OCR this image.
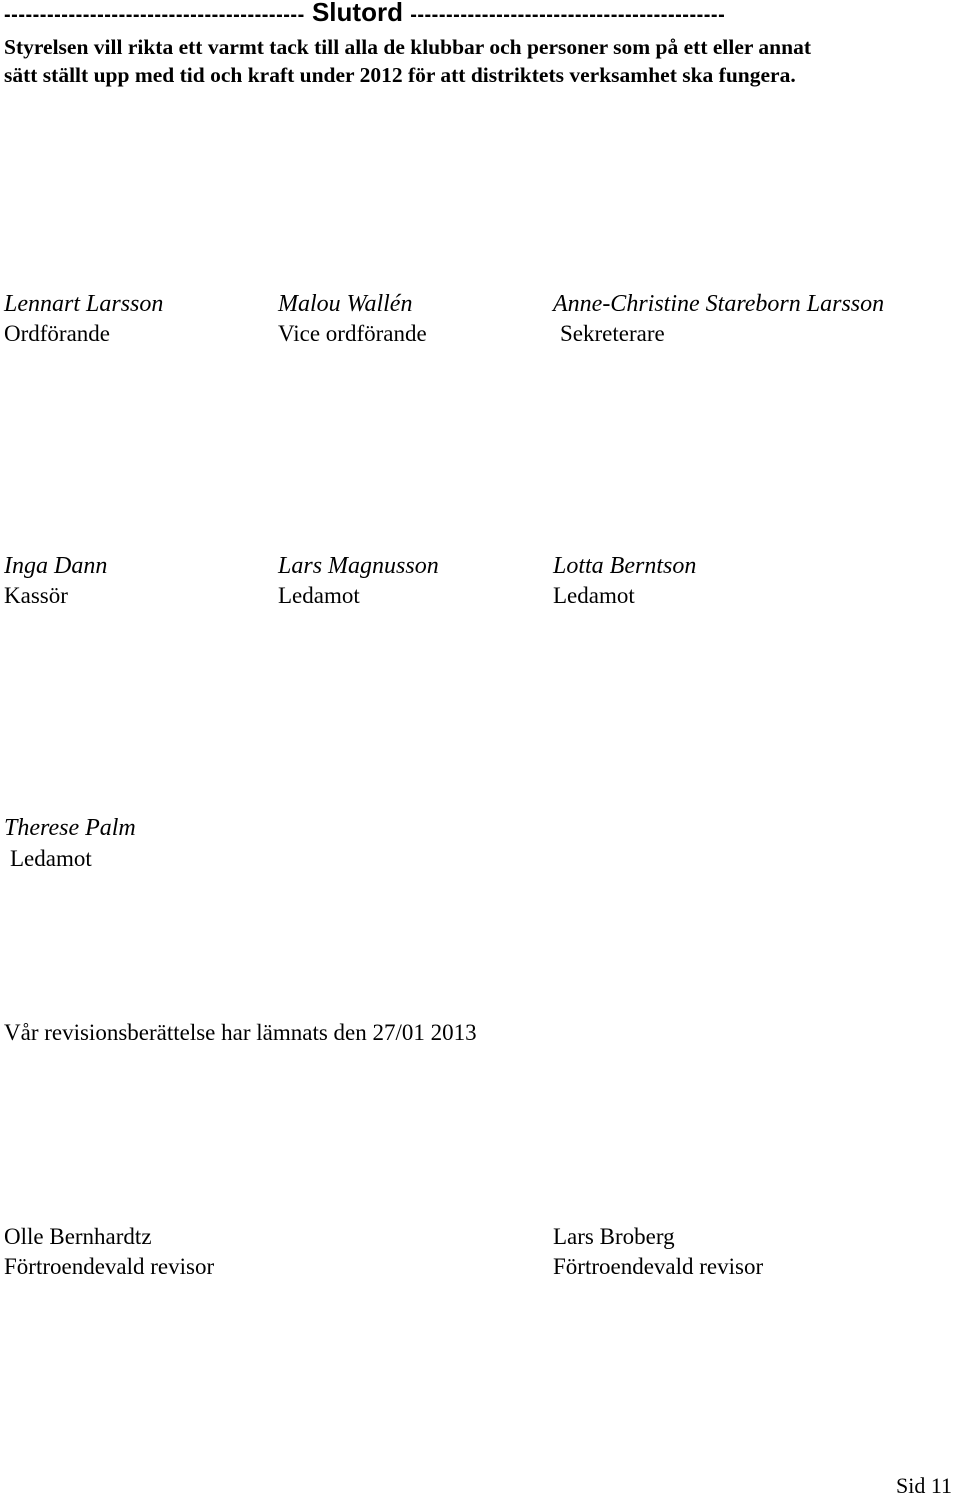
------------------------------------------ Slutord --------------------------------------------
Styrelsen vill rikta ett varmt tack till alla de klubbar och personer som på ett eller annat
sätt ställt upp med tid och kraft under 2012 för att distriktets verksamhet ska fungera.
Lennart Larsson
Ordförande
Malou Wallén
Vice ordförande
Anne-Christine Stareborn Larsson
Sekreterare
Inga Dann
Kassör
Lars Magnusson
Ledamot
Lotta Berntson
Ledamot
Therese Palm
Ledamot
Vår revisionsberättelse har lämnats den 27/01 2013
Olle Bernhardtz
Förtroendevald revisor
Lars Broberg
Förtroendevald revisor
Sid 11
